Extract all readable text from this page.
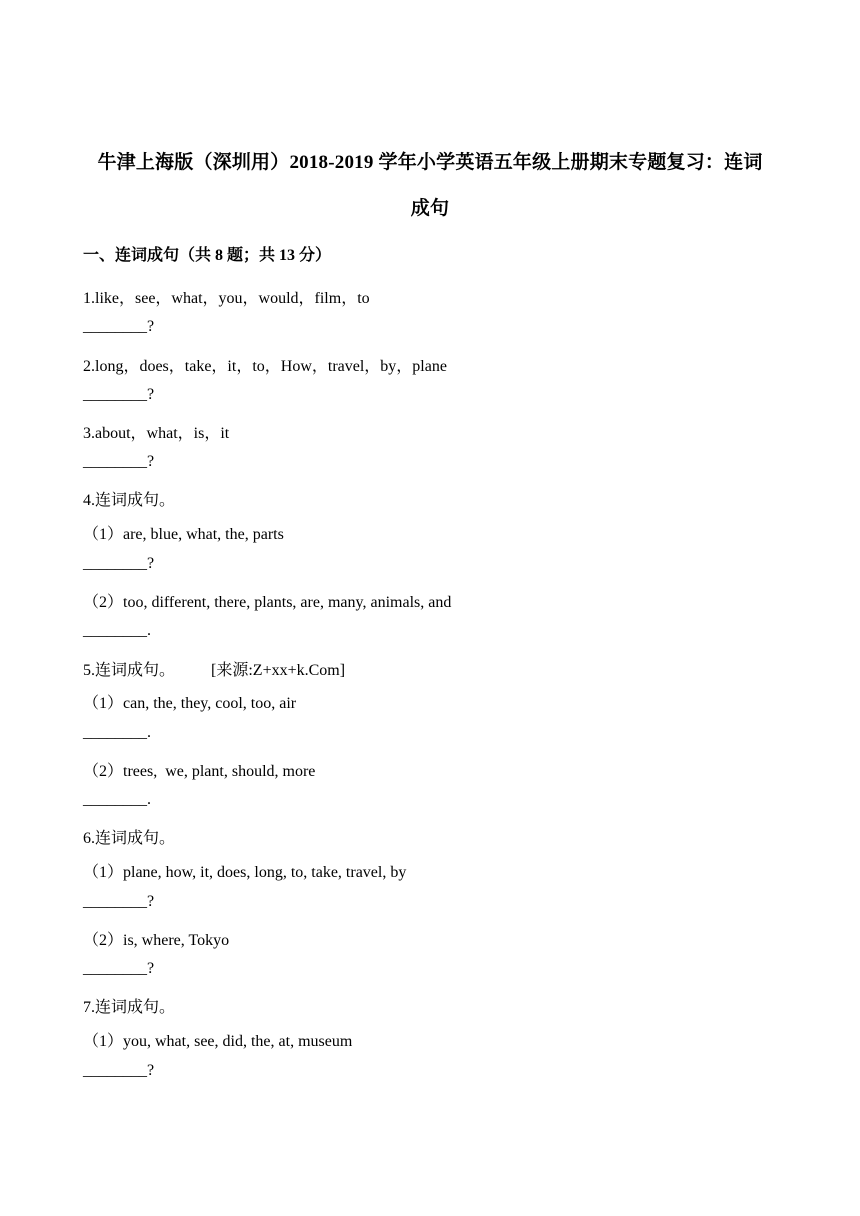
牛津上海版（深圳用）2018-2019 学年小学英语五年级上册期末专题复习：连词
成句
一、连词成句（共 8 题；共 13 分）
1.like，see，what，you，would，film，to
________?
2.long，does，take，it，to，How，travel，by，plane
________?
3.about，what，is，it
________?
4.连词成句。
（1）are, blue, what, the, parts
________?
（2）too, different, there, plants, are, many, animals, and
________.
5.连词成句。 [来源:Z+xx+k.Com]
（1）can, the, they, cool, too, air
________.
（2）trees,  we, plant, should, more
________.
6.连词成句。
（1）plane, how, it, does, long, to, take, travel, by
________?
（2）is, where, Tokyo
________?
7.连词成句。
（1）you, what, see, did, the, at, museum
________?
